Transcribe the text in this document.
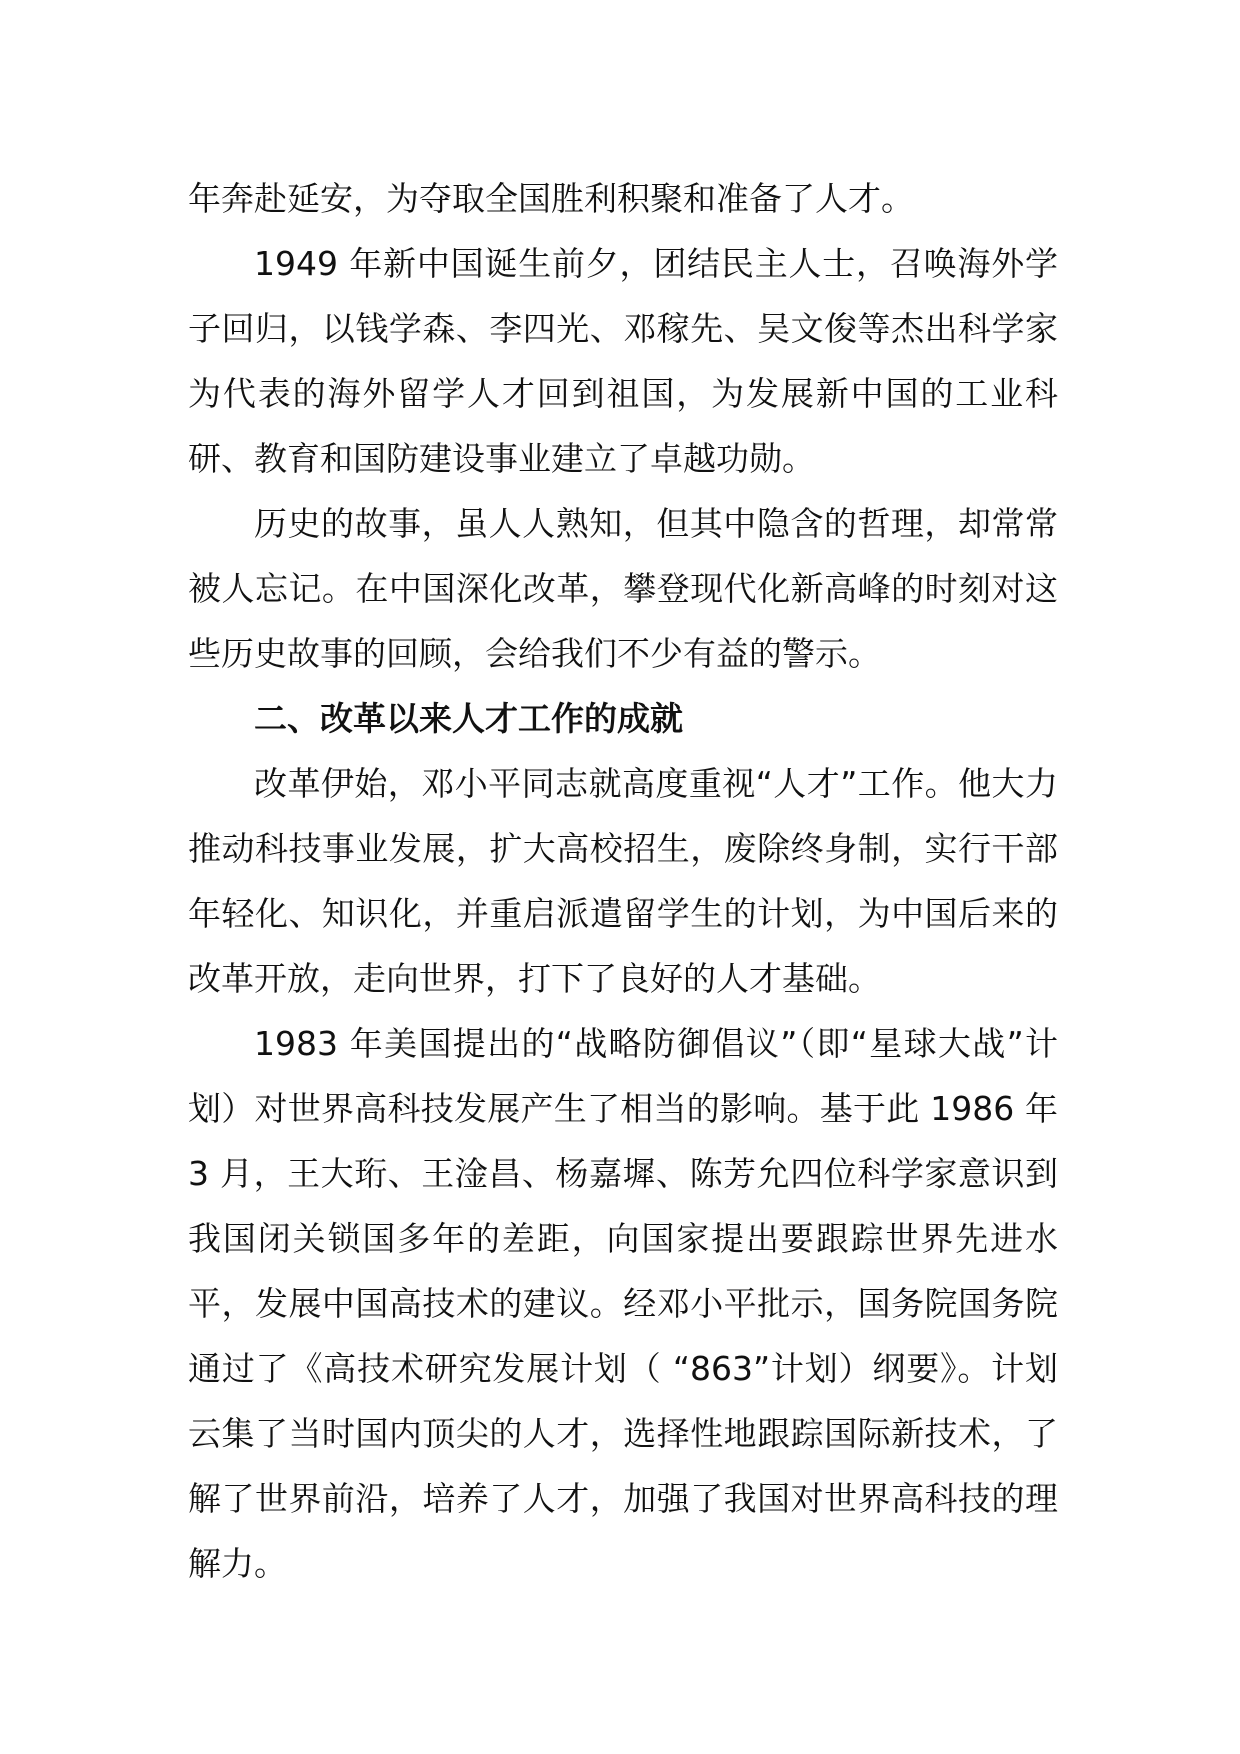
年奔赴延安，为夺取全国胜利积聚和准备了人才。

1949 年新中国诞生前夕，团结民主人士，召唤海外学子回归，以钱学森、李四光、邓稼先、吴文俊等杰出科学家为代表的海外留学人才回到祖国，为发展新中国的工业科研、教育和国防建设事业建立了卓越功勋。

历史的故事，虽人人熟知，但其中隐含的哲理，却常常被人忘记。在中国深化改革，攀登现代化新高峰的时刻对这些历史故事的回顾，会给我们不少有益的警示。

二、改革以来人才工作的成就

改革伊始，邓小平同志就高度重视“人才”工作。他大力推动科技事业发展，扩大高校招生，废除终身制，实行干部年轻化、知识化，并重启派遣留学生的计划，为中国后来的改革开放，走向世界，打下了良好的人才基础。

1983 年美国提出的“战略防御倡议”（即“星球大战”计划）对世界高科技发展产生了相当的影响。基于此 1986 年 3 月，王大珩、王淦昌、杨嘉墀、陈芳允四位科学家意识到我国闭关锁国多年的差距，向国家提出要跟踪世界先进水平，发展中国高技术的建议。经邓小平批示，国务院国务院通过了《高技术研究发展计划（ “863”计划）纲要》。计划云集了当时国内顶尖的人才，选择性地跟踪国际新技术，了解了世界前沿，培养了人才，加强了我国对世界高科技的理解力。
